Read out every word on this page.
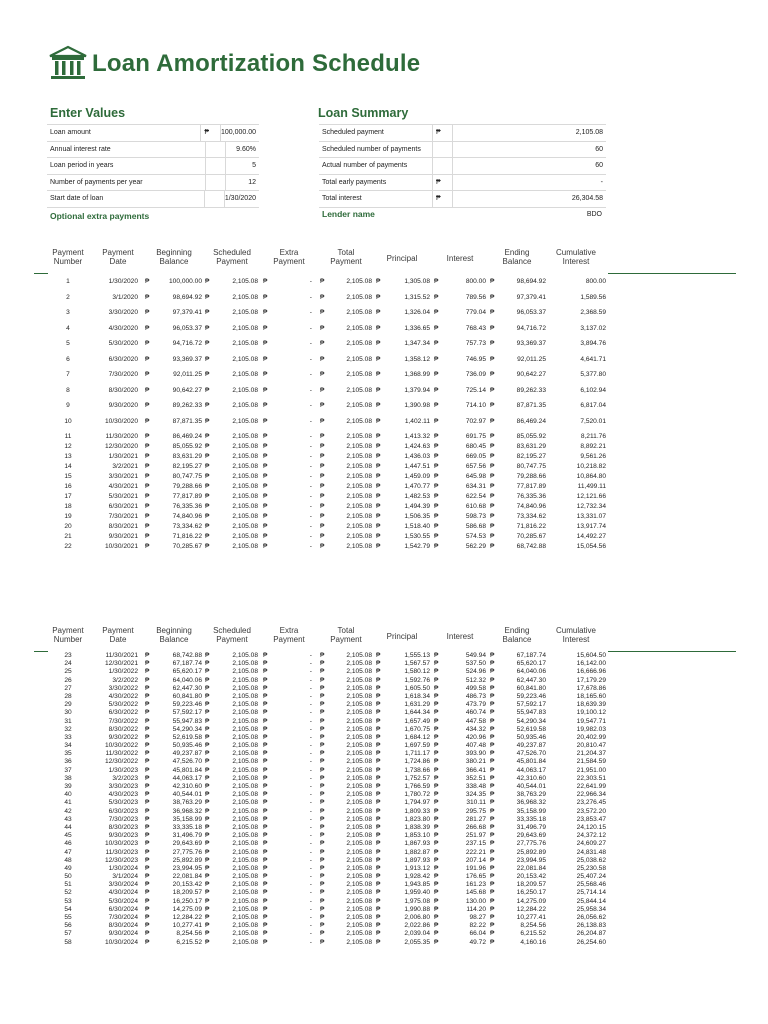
Loan Amortization Schedule
Enter Values	Loan Summary
Loan amount	₱	100,000.00
Annual interest rate	9.60%
Loan period in years	5
Number of payments per year	12
Start date of loan	1/30/2020
Scheduled payment	₱	2,105.08
Scheduled number of payments	60
Actual number of payments	60
Total early payments	₱	-
Total interest	₱	26,304.58
Optional extra payments	Lender name	BDO
Payment Number
Payment Date
Beginning Balance
Scheduled Payment
Extra Payment
Total Payment	Principal	Interest
Ending Balance
Cumulative Interest
1	1/30/2020	100,000.00	2,105.08	-	2,105.08	1,305.08	800.00	98,694.92	800.00
₱	₱	₱	₱	₱	₱	₱
2	3/1/2020	98,694.92	2,105.08	-	2,105.08	1,315.52	789.56	97,379.41	1,589.56
₱	₱	₱	₱	₱	₱	₱
3	3/30/2020	97,379.41	2,105.08	-	2,105.08	1,326.04	779.04	96,053.37	2,368.59
₱	₱	₱	₱	₱	₱	₱
4	4/30/2020	96,053.37	2,105.08	-	2,105.08	1,336.65	768.43	94,716.72	3,137.02
₱	₱	₱	₱	₱	₱	₱
5	5/30/2020	94,716.72	2,105.08	-	2,105.08	1,347.34	757.73	93,369.37	3,894.76
₱	₱	₱	₱	₱	₱	₱
6	6/30/2020	93,369.37	2,105.08	-	2,105.08	1,358.12	746.95	92,011.25	4,641.71
₱	₱	₱	₱	₱	₱	₱
7	7/30/2020	92,011.25	2,105.08	-	2,105.08	1,368.99	736.09	90,642.27	5,377.80
₱	₱	₱	₱	₱	₱	₱
8	8/30/2020	90,642.27	2,105.08	-	2,105.08	1,379.94	725.14	89,262.33	6,102.94
₱	₱	₱	₱	₱	₱	₱
9	9/30/2020	89,262.33	2,105.08	-	2,105.08	1,390.98	714.10	87,871.35	6,817.04
₱	₱	₱	₱	₱	₱	₱
10	10/30/2020	87,871.35	2,105.08	-	2,105.08	1,402.11	702.97	86,469.24	7,520.01
₱	₱	₱	₱	₱	₱	₱
11	11/30/2020	86,469.24	2,105.08	-	2,105.08	1,413.32	691.75	85,055.92	8,211.76
₱	₱	₱	₱	₱	₱	₱
12	12/30/2020	85,055.92	2,105.08	-	2,105.08	1,424.63	680.45	83,631.29	8,892.21
₱	₱	₱	₱	₱	₱	₱
13	1/30/2021	83,631.29	2,105.08	-	2,105.08	1,436.03	669.05	82,195.27	9,561.26
₱	₱	₱	₱	₱	₱	₱
14	3/2/2021	82,195.27	2,105.08	-	2,105.08	1,447.51	657.56	80,747.75	10,218.82
₱	₱	₱	₱	₱	₱	₱
15	3/30/2021	80,747.75	2,105.08	-	2,105.08	1,459.09	645.98	79,288.66	10,864.80
₱	₱	₱	₱	₱	₱	₱
16	4/30/2021	79,288.66	2,105.08	-	2,105.08	1,470.77	634.31	77,817.89	11,499.11
₱	₱	₱	₱	₱	₱	₱
17	5/30/2021	77,817.89	2,105.08	-	2,105.08	1,482.53	622.54	76,335.36	12,121.66
₱	₱	₱	₱	₱	₱	₱
18	6/30/2021	76,335.36	2,105.08	-	2,105.08	1,494.39	610.68	74,840.96	12,732.34
₱	₱	₱	₱	₱	₱	₱
19	7/30/2021	74,840.96	2,105.08	-	2,105.08	1,506.35	598.73	73,334.62	13,331.07
₱	₱	₱	₱	₱	₱	₱
20	8/30/2021	73,334.62	2,105.08	-	2,105.08	1,518.40	586.68	71,816.22	13,917.74
₱	₱	₱	₱	₱	₱	₱
21	9/30/2021	71,816.22	2,105.08	-	2,105.08	1,530.55	574.53	70,285.67	14,492.27
₱	₱	₱	₱	₱	₱	₱
22	10/30/2021	70,285.67	2,105.08	-	2,105.08	1,542.79	562.29	68,742.88	15,054.56
₱	₱	₱	₱	₱	₱	₱
Payment Number
Payment Date
Beginning Balance
Scheduled Payment
Extra Payment
Total Payment	Principal	Interest
Ending Balance
Cumulative Interest
23	11/30/2021	68,742.88	2,105.08	-	2,105.08	1,555.13	549.94	67,187.74	15,604.50
₱	₱	₱	₱	₱	₱	₱
24	12/30/2021	67,187.74	2,105.08	-	2,105.08	1,567.57	537.50	65,620.17	16,142.00
₱	₱	₱	₱	₱	₱	₱
25	1/30/2022	65,620.17	2,105.08	-	2,105.08	1,580.12	524.96	64,040.06	16,666.96
₱	₱	₱	₱	₱	₱	₱
26	3/2/2022	64,040.06	2,105.08	-	2,105.08	1,592.76	512.32	62,447.30	17,179.29
₱	₱	₱	₱	₱	₱	₱
27	3/30/2022	62,447.30	2,105.08	-	2,105.08	1,605.50	499.58	60,841.80	17,678.86
₱	₱	₱	₱	₱	₱	₱
28	4/30/2022	60,841.80	2,105.08	-	2,105.08	1,618.34	486.73	59,223.46	18,165.60
₱	₱	₱	₱	₱	₱	₱
29	5/30/2022	59,223.46	2,105.08	-	2,105.08	1,631.29	473.79	57,592.17	18,639.39
₱	₱	₱	₱	₱	₱	₱
30	6/30/2022	57,592.17	2,105.08	-	2,105.08	1,644.34	460.74	55,947.83	19,100.12
₱	₱	₱	₱	₱	₱	₱
31	7/30/2022	55,947.83	2,105.08	-	2,105.08	1,657.49	447.58	54,290.34	19,547.71
₱	₱	₱	₱	₱	₱	₱
32	8/30/2022	54,290.34	2,105.08	-	2,105.08	1,670.75	434.32	52,619.58	19,982.03
₱	₱	₱	₱	₱	₱	₱
33	9/30/2022	52,619.58	2,105.08	-	2,105.08	1,684.12	420.96	50,935.46	20,402.99
₱	₱	₱	₱	₱	₱	₱
34	10/30/2022	50,935.46	2,105.08	-	2,105.08	1,697.59	407.48	49,237.87	20,810.47
₱	₱	₱	₱	₱	₱	₱
35	11/30/2022	49,237.87	2,105.08	-	2,105.08	1,711.17	393.90	47,526.70	21,204.37
₱	₱	₱	₱	₱	₱	₱
36	12/30/2022	47,526.70	2,105.08	-	2,105.08	1,724.86	380.21	45,801.84	21,584.59
₱	₱	₱	₱	₱	₱	₱
37	1/30/2023	45,801.84	2,105.08	-	2,105.08	1,738.66	366.41	44,063.17	21,951.00
₱	₱	₱	₱	₱	₱	₱
38	3/2/2023	44,063.17	2,105.08	-	2,105.08	1,752.57	352.51	42,310.60	22,303.51
₱	₱	₱	₱	₱	₱	₱
39	3/30/2023	42,310.60	2,105.08	-	2,105.08	1,766.59	338.48	40,544.01	22,641.99
₱	₱	₱	₱	₱	₱	₱
40	4/30/2023	40,544.01	2,105.08	-	2,105.08	1,780.72	324.35	38,763.29	22,966.34
₱	₱	₱	₱	₱	₱	₱
41	5/30/2023	38,763.29	2,105.08	-	2,105.08	1,794.97	310.11	36,968.32	23,276.45
₱	₱	₱	₱	₱	₱	₱
42	6/30/2023	36,968.32	2,105.08	-	2,105.08	1,809.33	295.75	35,158.99	23,572.20
₱	₱	₱	₱	₱	₱	₱
43	7/30/2023	35,158.99	2,105.08	-	2,105.08	1,823.80	281.27	33,335.18	23,853.47
₱	₱	₱	₱	₱	₱	₱
44	8/30/2023	33,335.18	2,105.08	-	2,105.08	1,838.39	266.68	31,496.79	24,120.15
₱	₱	₱	₱	₱	₱	₱
45	9/30/2023	31,496.79	2,105.08	-	2,105.08	1,853.10	251.97	29,643.69	24,372.12
₱	₱	₱	₱	₱	₱	₱
46	10/30/2023	29,643.69	2,105.08	-	2,105.08	1,867.93	237.15	27,775.76	24,609.27
₱	₱	₱	₱	₱	₱	₱
47	11/30/2023	27,775.76	2,105.08	-	2,105.08	1,882.87	222.21	25,892.89	24,831.48
₱	₱	₱	₱	₱	₱	₱
48	12/30/2023	25,892.89	2,105.08	-	2,105.08	1,897.93	207.14	23,994.95	25,038.62
₱	₱	₱	₱	₱	₱	₱
49	1/30/2024	23,994.95	2,105.08	-	2,105.08	1,913.12	191.96	22,081.84	25,230.58
₱	₱	₱	₱	₱	₱	₱
50	3/1/2024	22,081.84	2,105.08	-	2,105.08	1,928.42	176.65	20,153.42	25,407.24
₱	₱	₱	₱	₱	₱	₱
51	3/30/2024	20,153.42	2,105.08	-	2,105.08	1,943.85	161.23	18,209.57	25,568.46
₱	₱	₱	₱	₱	₱	₱
52	4/30/2024	18,209.57	2,105.08	-	2,105.08	1,959.40	145.68	16,250.17	25,714.14
₱	₱	₱	₱	₱	₱	₱
53	5/30/2024	16,250.17	2,105.08	-	2,105.08	1,975.08	130.00	14,275.09	25,844.14
₱	₱	₱	₱	₱	₱	₱
54	6/30/2024	14,275.09	2,105.08	-	2,105.08	1,990.88	114.20	12,284.22	25,958.34
₱	₱	₱	₱	₱	₱	₱
55	7/30/2024	12,284.22	2,105.08	-	2,105.08	2,006.80	98.27	10,277.41	26,056.62
₱	₱	₱	₱	₱	₱	₱
56	8/30/2024	10,277.41	2,105.08	-	2,105.08	2,022.86	82.22	8,254.56	26,138.83
₱	₱	₱	₱	₱	₱	₱
57	9/30/2024	8,254.56	2,105.08	-	2,105.08	2,039.04	66.04	6,215.52	26,204.87
₱	₱	₱	₱	₱	₱	₱
58	10/30/2024	6,215.52	2,105.08	-	2,105.08	2,055.35	49.72	4,160.16	26,254.60
₱	₱	₱	₱	₱	₱	₱
